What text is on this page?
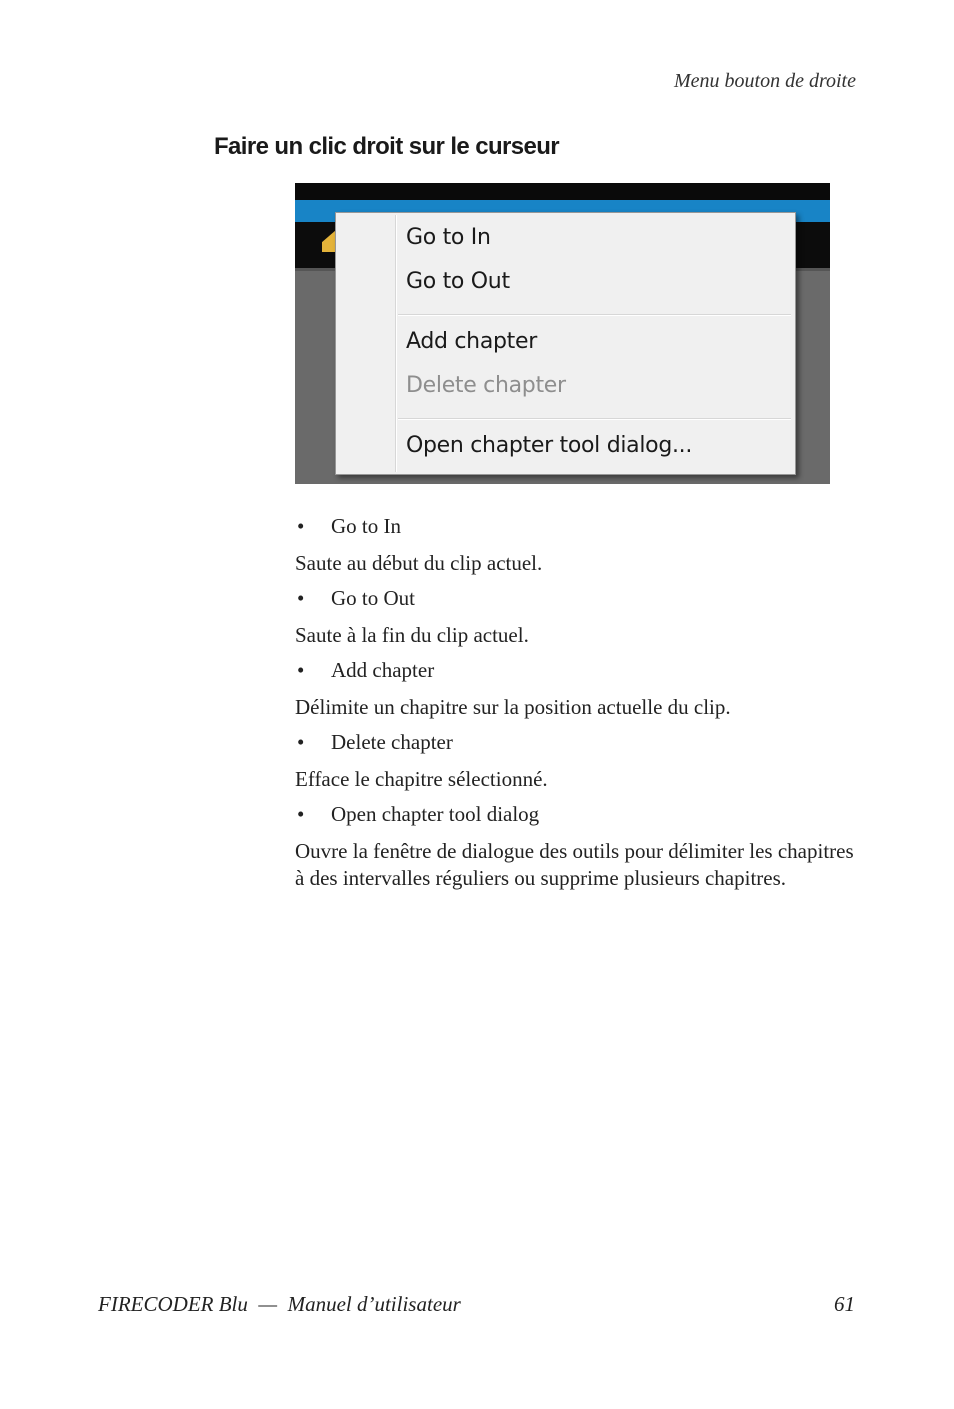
Menu bouton de droite
Faire un clic droit sur le curseur
Go to In
Go to Out
Add chapter
Delete chapter
Open chapter tool dialog...

• Go to In

Saute au début du clip actuel.

• Go to Out

Saute à la fin du clip actuel.

• Add chapter

Délimite un chapitre sur la position actuelle du clip.

• Delete chapter

Efface le chapitre sélectionné.

• Open chapter tool dialog

Ouvre la fenêtre de dialogue des outils pour délimiter les chapitres à des intervalles réguliers ou supprime plusieurs chapitres.

FIRECODER Blu — Manuel d’utilisateur	61
